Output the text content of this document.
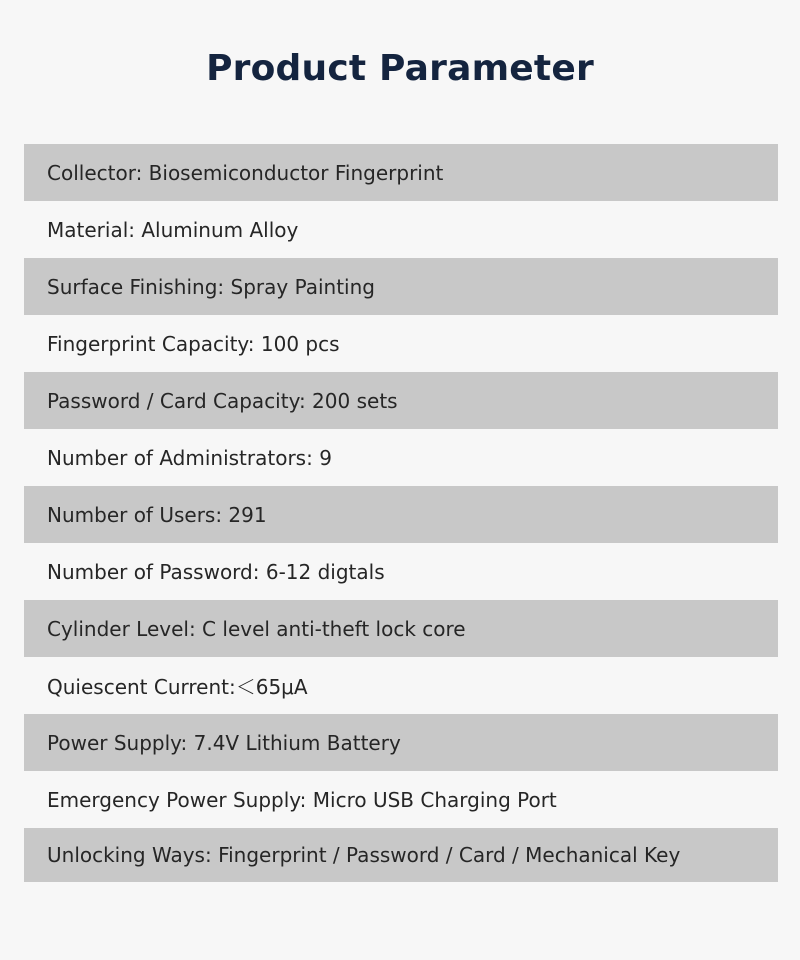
Product Parameter
Collector: Biosemiconductor Fingerprint
Material: Aluminum Alloy
Surface Finishing: Spray Painting
Fingerprint Capacity: 100 pcs
Password / Card Capacity: 200 sets
Number of Administrators: 9
Number of Users: 291
Number of Password: 6-12 digtals
Cylinder Level: C level anti-theft lock core
Quiescent Current:＜65μA
Power Supply: 7.4V Lithium Battery
Emergency Power Supply: Micro USB Charging Port
Unlocking Ways: Fingerprint / Password / Card / Mechanical Key
